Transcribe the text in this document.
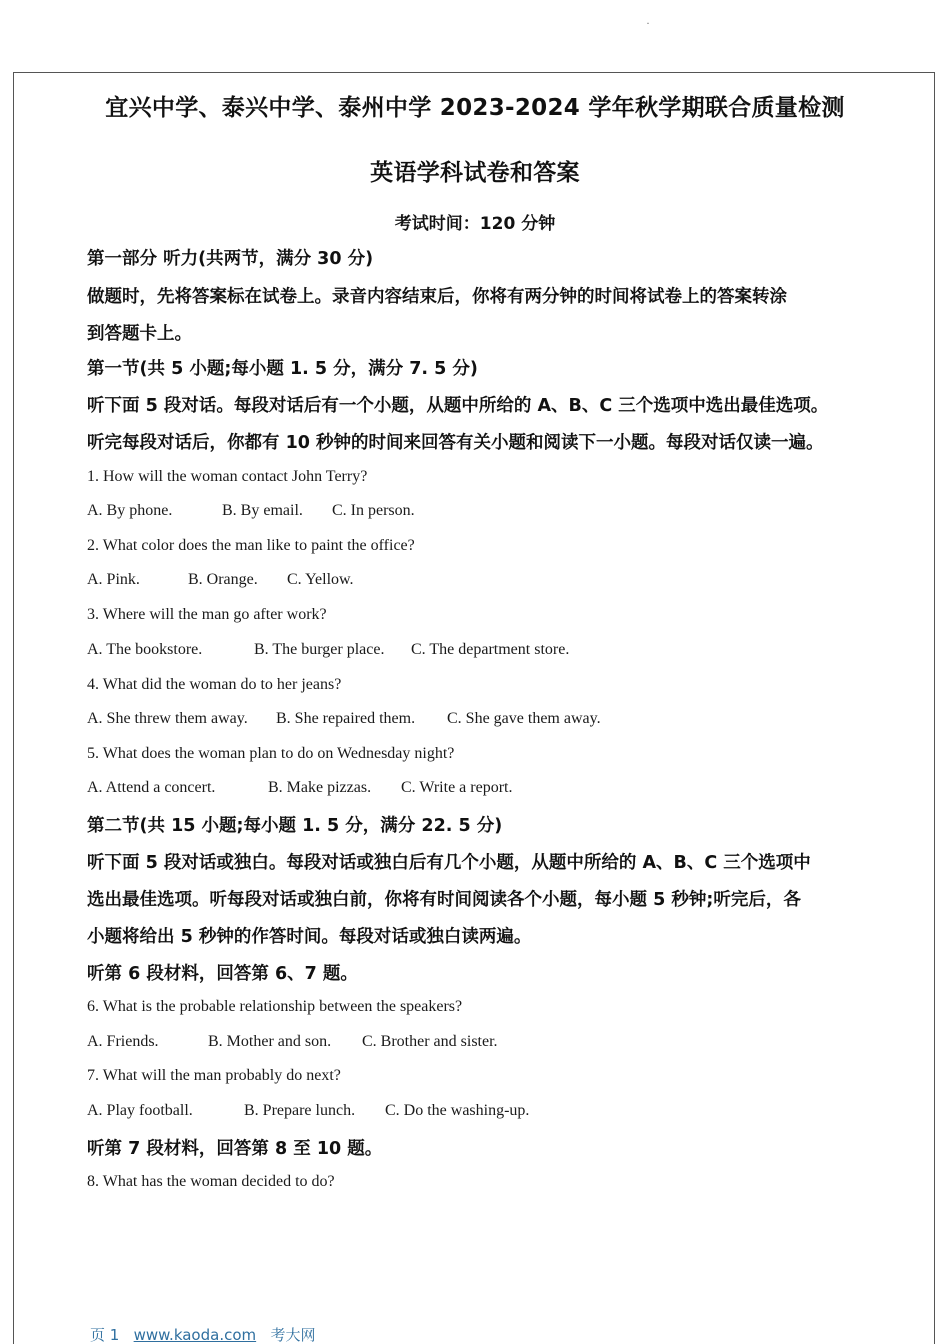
·
宜兴中学、泰兴中学、泰州中学 2023-2024 学年秋学期联合质量检测
英语学科试卷和答案
考试时间：120 分钟
第一部分 听力(共两节，满分 30 分)
做题时，先将答案标在试卷上。录音内容结束后，你将有两分钟的时间将试卷上的答案转涂
到答题卡上。
第一节(共 5 小题;每小题 1. 5 分，满分 7. 5 分)
听下面 5 段对话。每段对话后有一个小题，从题中所给的 A、B、C 三个选项中选出最佳选项。
听完每段对话后，你都有 10 秒钟的时间来回答有关小题和阅读下一小题。每段对话仅读一遍。
1. How will the woman contact John Terry?
A. By phone.	B. By email. C. In person.
2. What color does the man like to paint the office?
A. Pink.	B. Orange. C. Yellow.
3. Where will the man go after work?
A. The bookstore.	B. The burger place. C. The department store.
4. What did the woman do to her jeans?
A. She threw them away. B. She repaired them. C. She gave them away.
5. What does the woman plan to do on Wednesday night?
A. Attend a concert.	B. Make pizzas. C. Write a report.
第二节(共 15 小题;每小题 1. 5 分，满分 22. 5 分)
听下面 5 段对话或独白。每段对话或独白后有几个小题，从题中所给的 A、B、C 三个选项中
选出最佳选项。听每段对话或独白前，你将有时间阅读各个小题，每小题 5 秒钟;听完后，各
小题将给出 5 秒钟的作答时间。每段对话或独白读两遍。
听第 6 段材料，回答第 6、7 题。
6. What is the probable relationship between the speakers?
A. Friends.	B. Mother and son. C. Brother and sister.
7. What will the man probably do next?
A. Play football.	B. Prepare lunch. C. Do the washing-up.
听第 7 段材料，回答第 8 至 10 题。
8. What has the woman decided to do?
页 1 www.kaoda.com 考大网
